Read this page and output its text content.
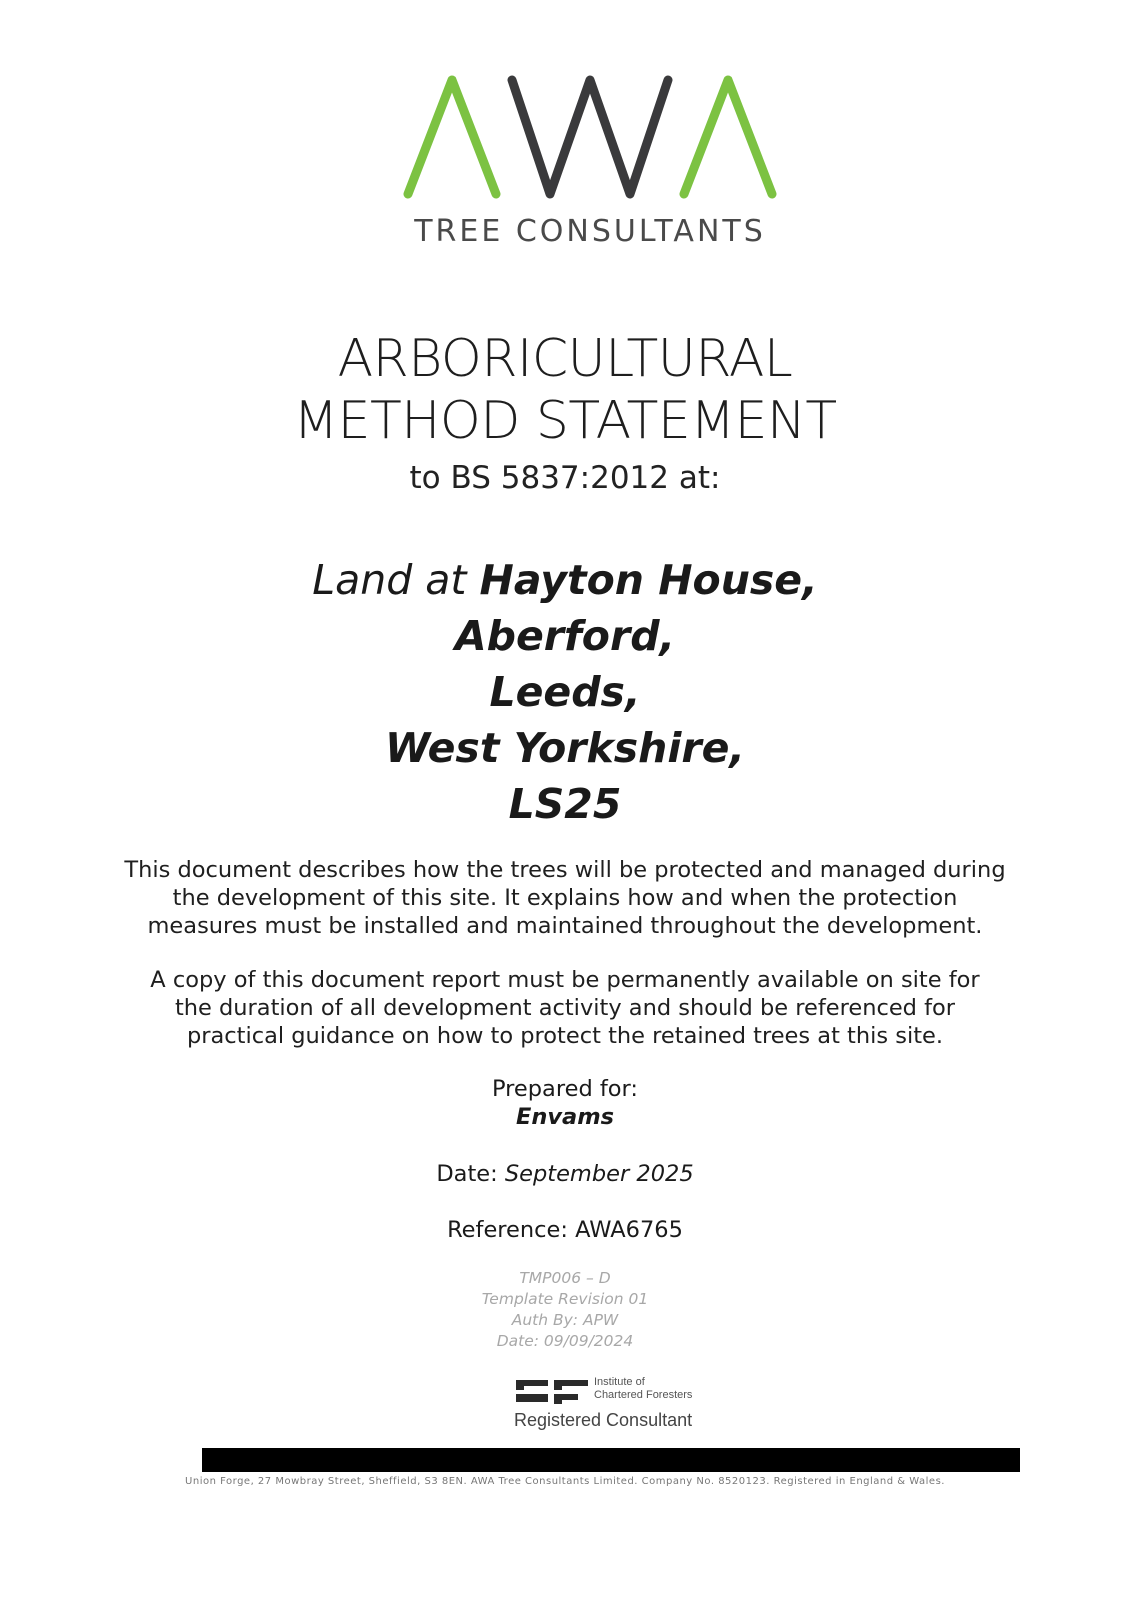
TREE CONSULTANTS
ARBORICULTURAL
METHOD STATEMENT
to BS 5837:2012 at:
Land at Hayton House,
Aberford,
Leeds,
West Yorkshire,
LS25
This document describes how the trees will be protected and managed during the development of this site. It explains how and when the protection measures must be installed and maintained throughout the development.
A copy of this document report must be permanently available on site for the duration of all development activity and should be referenced for practical guidance on how to protect the retained trees at this site.
Prepared for:
Envams
Date: September 2025
Reference: AWA6765
TMP006 – D
Template Revision 01
Auth By: APW
Date: 09/09/2024
Institute of
Chartered Foresters
Registered Consultant
Union Forge, 27 Mowbray Street, Sheffield, S3 8EN. AWA Tree Consultants Limited. Company No. 8520123. Registered in England & Wales.
